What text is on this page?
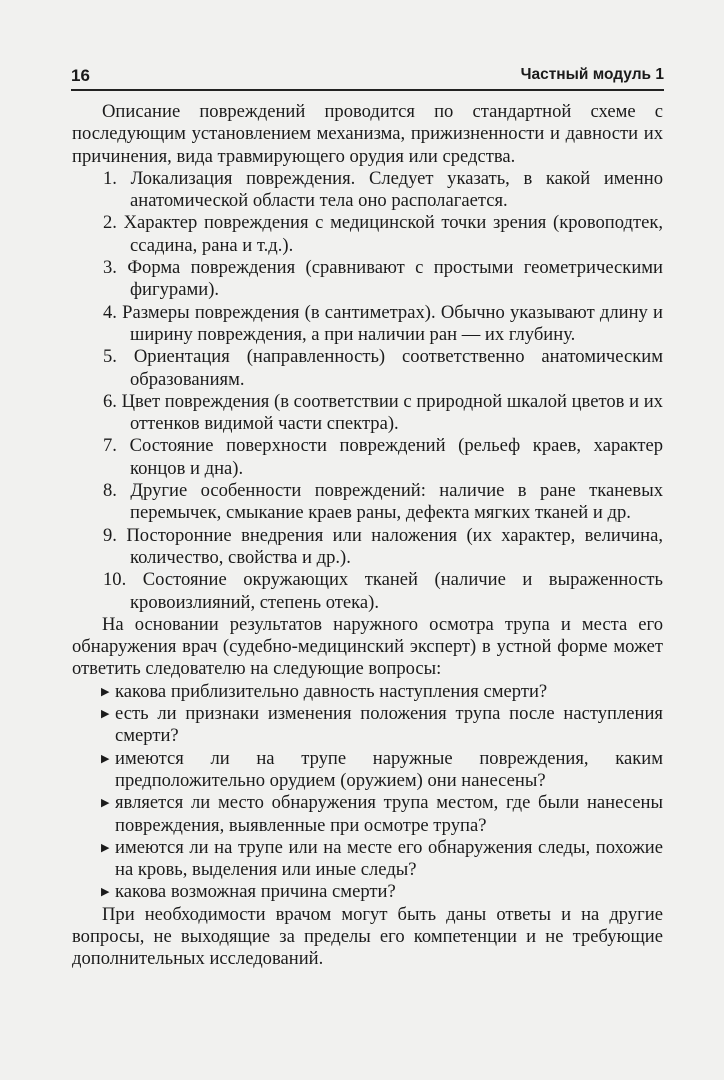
16	Частный модуль 1

Описание повреждений проводится по стандартной схеме с последующим установлением механизма, прижизненности и давности их причинения, вида травмирующего орудия или средства.

1. Локализация повреждения. Следует указать, в какой именно анатомической области тела оно располагается.
2. Характер повреждения с медицинской точки зрения (кровоподтек, ссадина, рана и т.д.).
3. Форма повреждения (сравнивают с простыми геометрическими фигурами).
4. Размеры повреждения (в сантиметрах). Обычно указывают длину и ширину повреждения, а при наличии ран — их глубину.
5. Ориентация (направленность) соответственно анатомическим образованиям.
6. Цвет повреждения (в соответствии с природной шкалой цветов и их оттенков видимой части спектра).
7. Состояние поверхности повреждений (рельеф краев, характер концов и дна).
8. Другие особенности повреждений: наличие в ране тканевых перемычек, смыкание краев раны, дефекта мягких тканей и др.
9. Посторонние внедрения или наложения (их характер, величина, количество, свойства и др.).
10. Состояние окружающих тканей (наличие и выраженность кровоизлияний, степень отека).

На основании результатов наружного осмотра трупа и места его обнаружения врач (судебно-медицинский эксперт) в устной форме может ответить следователю на следующие вопросы:

▶ какова приблизительно давность наступления смерти?
▶ есть ли признаки изменения положения трупа после наступления смерти?
▶ имеются ли на трупе наружные повреждения, каким предположительно орудием (оружием) они нанесены?
▶ является ли место обнаружения трупа местом, где были нанесены повреждения, выявленные при осмотре трупа?
▶ имеются ли на трупе или на месте его обнаружения следы, похожие на кровь, выделения или иные следы?
▶ какова возможная причина смерти?

При необходимости врачом могут быть даны ответы и на другие вопросы, не выходящие за пределы его компетенции и не требующие дополнительных исследований.
